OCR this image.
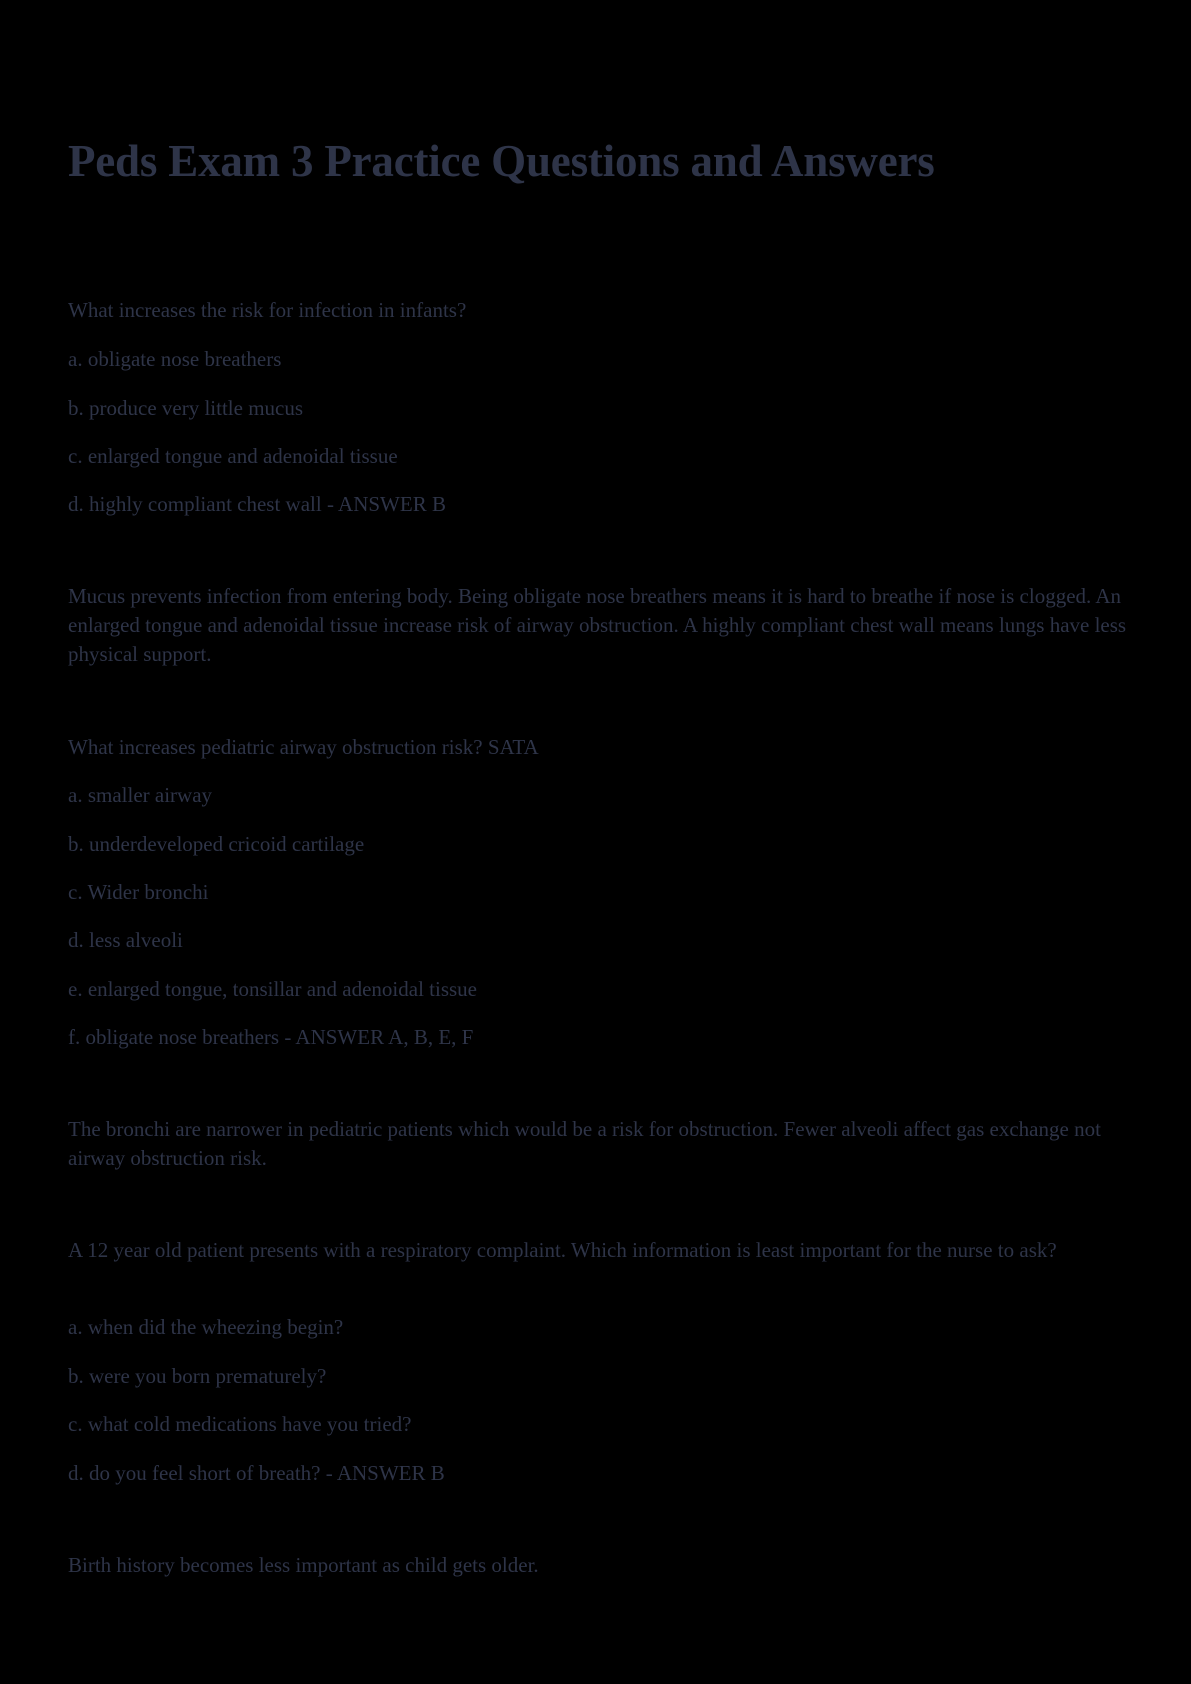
Peds Exam 3 Practice Questions and Answers

What increases the risk for infection in infants?

a. obligate nose breathers

b. produce very little mucus

c. enlarged tongue and adenoidal tissue

d. highly compliant chest wall - ANSWER B

Mucus prevents infection from entering body. Being obligate nose breathers means it is hard to breathe if nose is clogged. An enlarged tongue and adenoidal tissue increase risk of airway obstruction. A highly compliant chest wall means lungs have less physical support.

What increases pediatric airway obstruction risk? SATA

a. smaller airway

b. underdeveloped cricoid cartilage

c. Wider bronchi

d. less alveoli

e. enlarged tongue, tonsillar and adenoidal tissue

f. obligate nose breathers - ANSWER A, B, E, F

The bronchi are narrower in pediatric patients which would be a risk for obstruction. Fewer alveoli affect gas exchange not airway obstruction risk.

A 12 year old patient presents with a respiratory complaint. Which information is least important for the nurse to ask?

a. when did the wheezing begin?

b. were you born prematurely?

c. what cold medications have you tried?

d. do you feel short of breath? - ANSWER B

Birth history becomes less important as child gets older.
